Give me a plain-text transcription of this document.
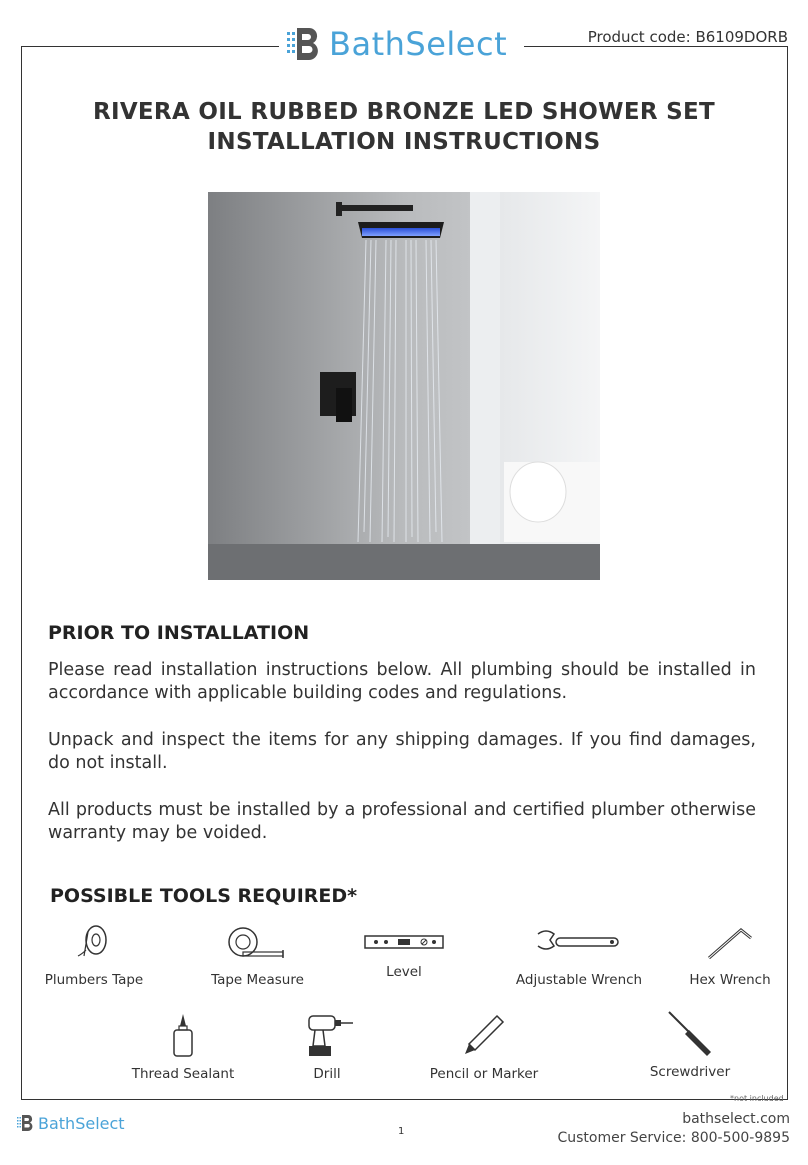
BathSelect	Product code: B6109DORB
RIVERA OIL RUBBED BRONZE LED SHOWER SET
INSTALLATION INSTRUCTIONS
PRIOR TO INSTALLATION

Please read installation instructions below. All plumbing should be installed in accordance with applicable building codes and regulations.

Unpack and inspect the items for any shipping damages. If you find damages, do not install.

All products must be installed by a professional and certified plumber otherwise warranty may be voided.

POSSIBLE TOOLS REQUIRED*
Plumbers Tape	Tape Measure	Level	Adjustable Wrench	Hex Wrench
Thread Sealant	Drill	Pencil or Marker	Screwdriver
*not included
BathSelect	1
bathselect.com
Customer Service: 800-500-9895
